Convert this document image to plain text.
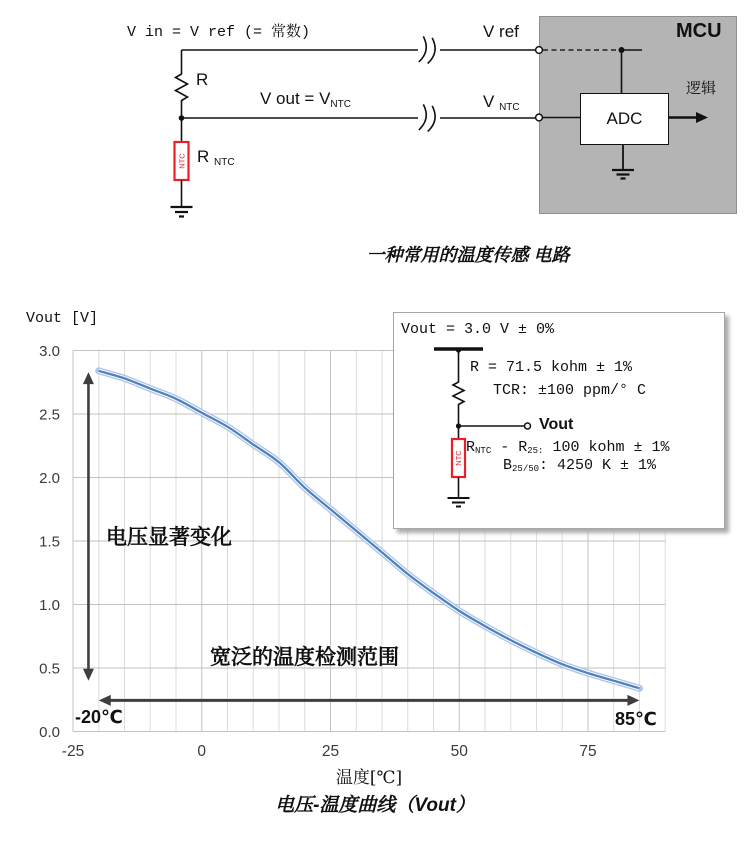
NTC
ADC
V in = V ref (= 常数)
R
V out = $V_{NTC}$
R $_{NTC}$
V ref
V $_{NTC}$
MCU
逻辑
一种常用的温度传感 电路
Vout [V]
-25	0	25	50	75
0.0
0.5
1.0
1.5
2.0
2.5
3.0
电压显著变化
宽泛的温度检测范围
-20℃	85℃
温度[℃]
电压-温度曲线（Vout）
NTC
Vout = 3.0 V ± 0%
R = 71.5 kohm ± 1%
TCR: ±100 ppm/° C
Vout
$R_{NTC} - R_{25:}$ 100 kohm ± 1%
$B_{25/50}$: 4250 K ± 1%
